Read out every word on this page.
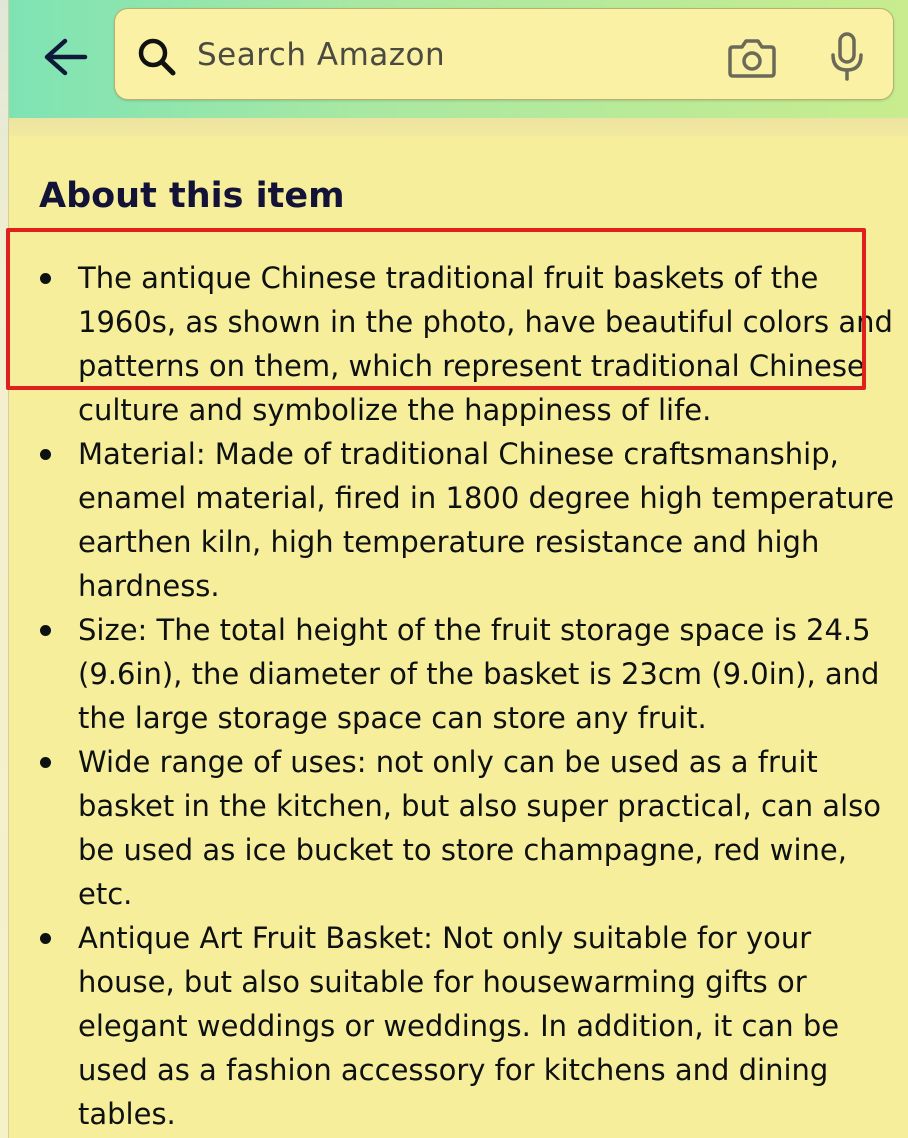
Search Amazon
About this item
The antique Chinese traditional fruit baskets of the 1960s, as shown in the photo, have beautiful colors and patterns on them, which represent traditional Chinese culture and symbolize the happiness of life.
Material: Made of traditional Chinese craftsmanship, enamel material, fired in 1800 degree high temperature earthen kiln, high temperature resistance and high hardness.
Size: The total height of the fruit storage space is 24.5 (9.6in), the diameter of the basket is 23cm (9.0in), and the large storage space can store any fruit.
Wide range of uses: not only can be used as a fruit basket in the kitchen, but also super practical, can also be used as ice bucket to store champagne, red wine, etc.
Antique Art Fruit Basket: Not only suitable for your house, but also suitable for housewarming gifts or elegant weddings or weddings. In addition, it can be used as a fashion accessory for kitchens and dining tables.
